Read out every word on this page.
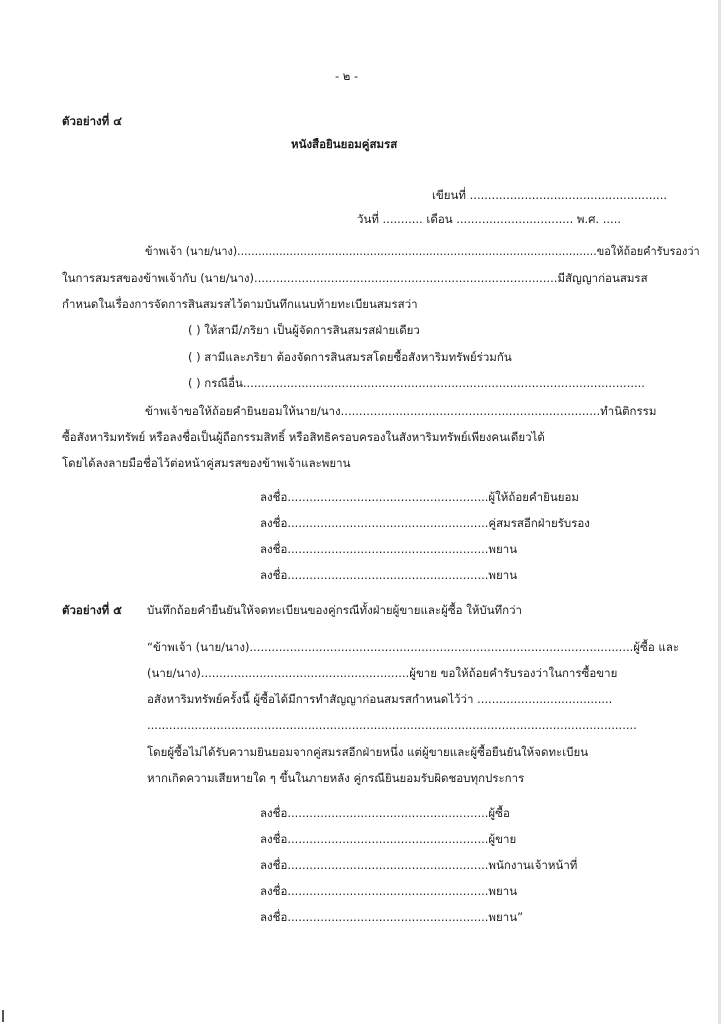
- ๒ -
ตัวอย่างที่ ๔
หนังสือยินยอมคู่สมรส
เขียนที่ ......................................................
วันที่ ........... เดือน ................................ พ.ศ. .....
ข้าพเจ้า (นาย/นาง).......................................................................................................ขอให้ถ้อยคำรับรองว่า
ในการสมรสของข้าพเจ้ากับ (นาย/นาง)...................................................................................มีสัญญาก่อนสมรส
กำหนดในเรื่องการจัดการสินสมรสไว้ตามบันทึกแนบท้ายทะเบียนสมรสว่า
( ) ให้สามี/ภริยา เป็นผู้จัดการสินสมรสฝ่ายเดียว
( ) สามีและภริยา ต้องจัดการสินสมรสโดยซื้อสังหาริมทรัพย์ร่วมกัน
( ) กรณีอื่น..............................................................................................................
ข้าพเจ้าขอให้ถ้อยคำยินยอมให้นาย/นาง.......................................................................ทำนิติกรรม
ซื้อสังหาริมทรัพย์ หรือลงชื่อเป็นผู้ถือกรรมสิทธิ์ หรือสิทธิครอบครองในสังหาริมทรัพย์เพียงคนเดียวได้
โดยได้ลงลายมือชื่อไว้ต่อหน้าคู่สมรสของข้าพเจ้าและพยาน
ลงชื่อ.......................................................ผู้ให้ถ้อยคำยินยอม
ลงชื่อ.......................................................คู่สมรสอีกฝ่ายรับรอง
ลงชื่อ.......................................................พยาน
ลงชื่อ.......................................................พยาน
ตัวอย่างที่ ๕ บันทึกถ้อยคำยืนยันให้จดทะเบียนของคู่กรณีทั้งฝ่ายผู้ขายและผู้ซื้อ ให้บันทึกว่า
“ข้าพเจ้า (นาย/นาง).........................................................................................................ผู้ซื้อ และ
(นาย/นาง).........................................................ผู้ขาย ขอให้ถ้อยคำรับรองว่าในการซื้อขาย
อสังหาริมทรัพย์ครั้งนี้ ผู้ซื้อได้มีการทำสัญญาก่อนสมรสกำหนดไว้ว่า .....................................
......................................................................................................................................
โดยผู้ซื้อไม่ได้รับความยินยอมจากคู่สมรสอีกฝ่ายหนึ่ง แต่ผู้ขายและผู้ซื้อยืนยันให้จดทะเบียน
หากเกิดความเสียหายใด ๆ ขึ้นในภายหลัง คู่กรณียินยอมรับผิดชอบทุกประการ
ลงชื่อ.......................................................ผู้ซื้อ
ลงชื่อ.......................................................ผู้ขาย
ลงชื่อ.......................................................พนักงานเจ้าหน้าที่
ลงชื่อ.......................................................พยาน
ลงชื่อ.......................................................พยาน”
